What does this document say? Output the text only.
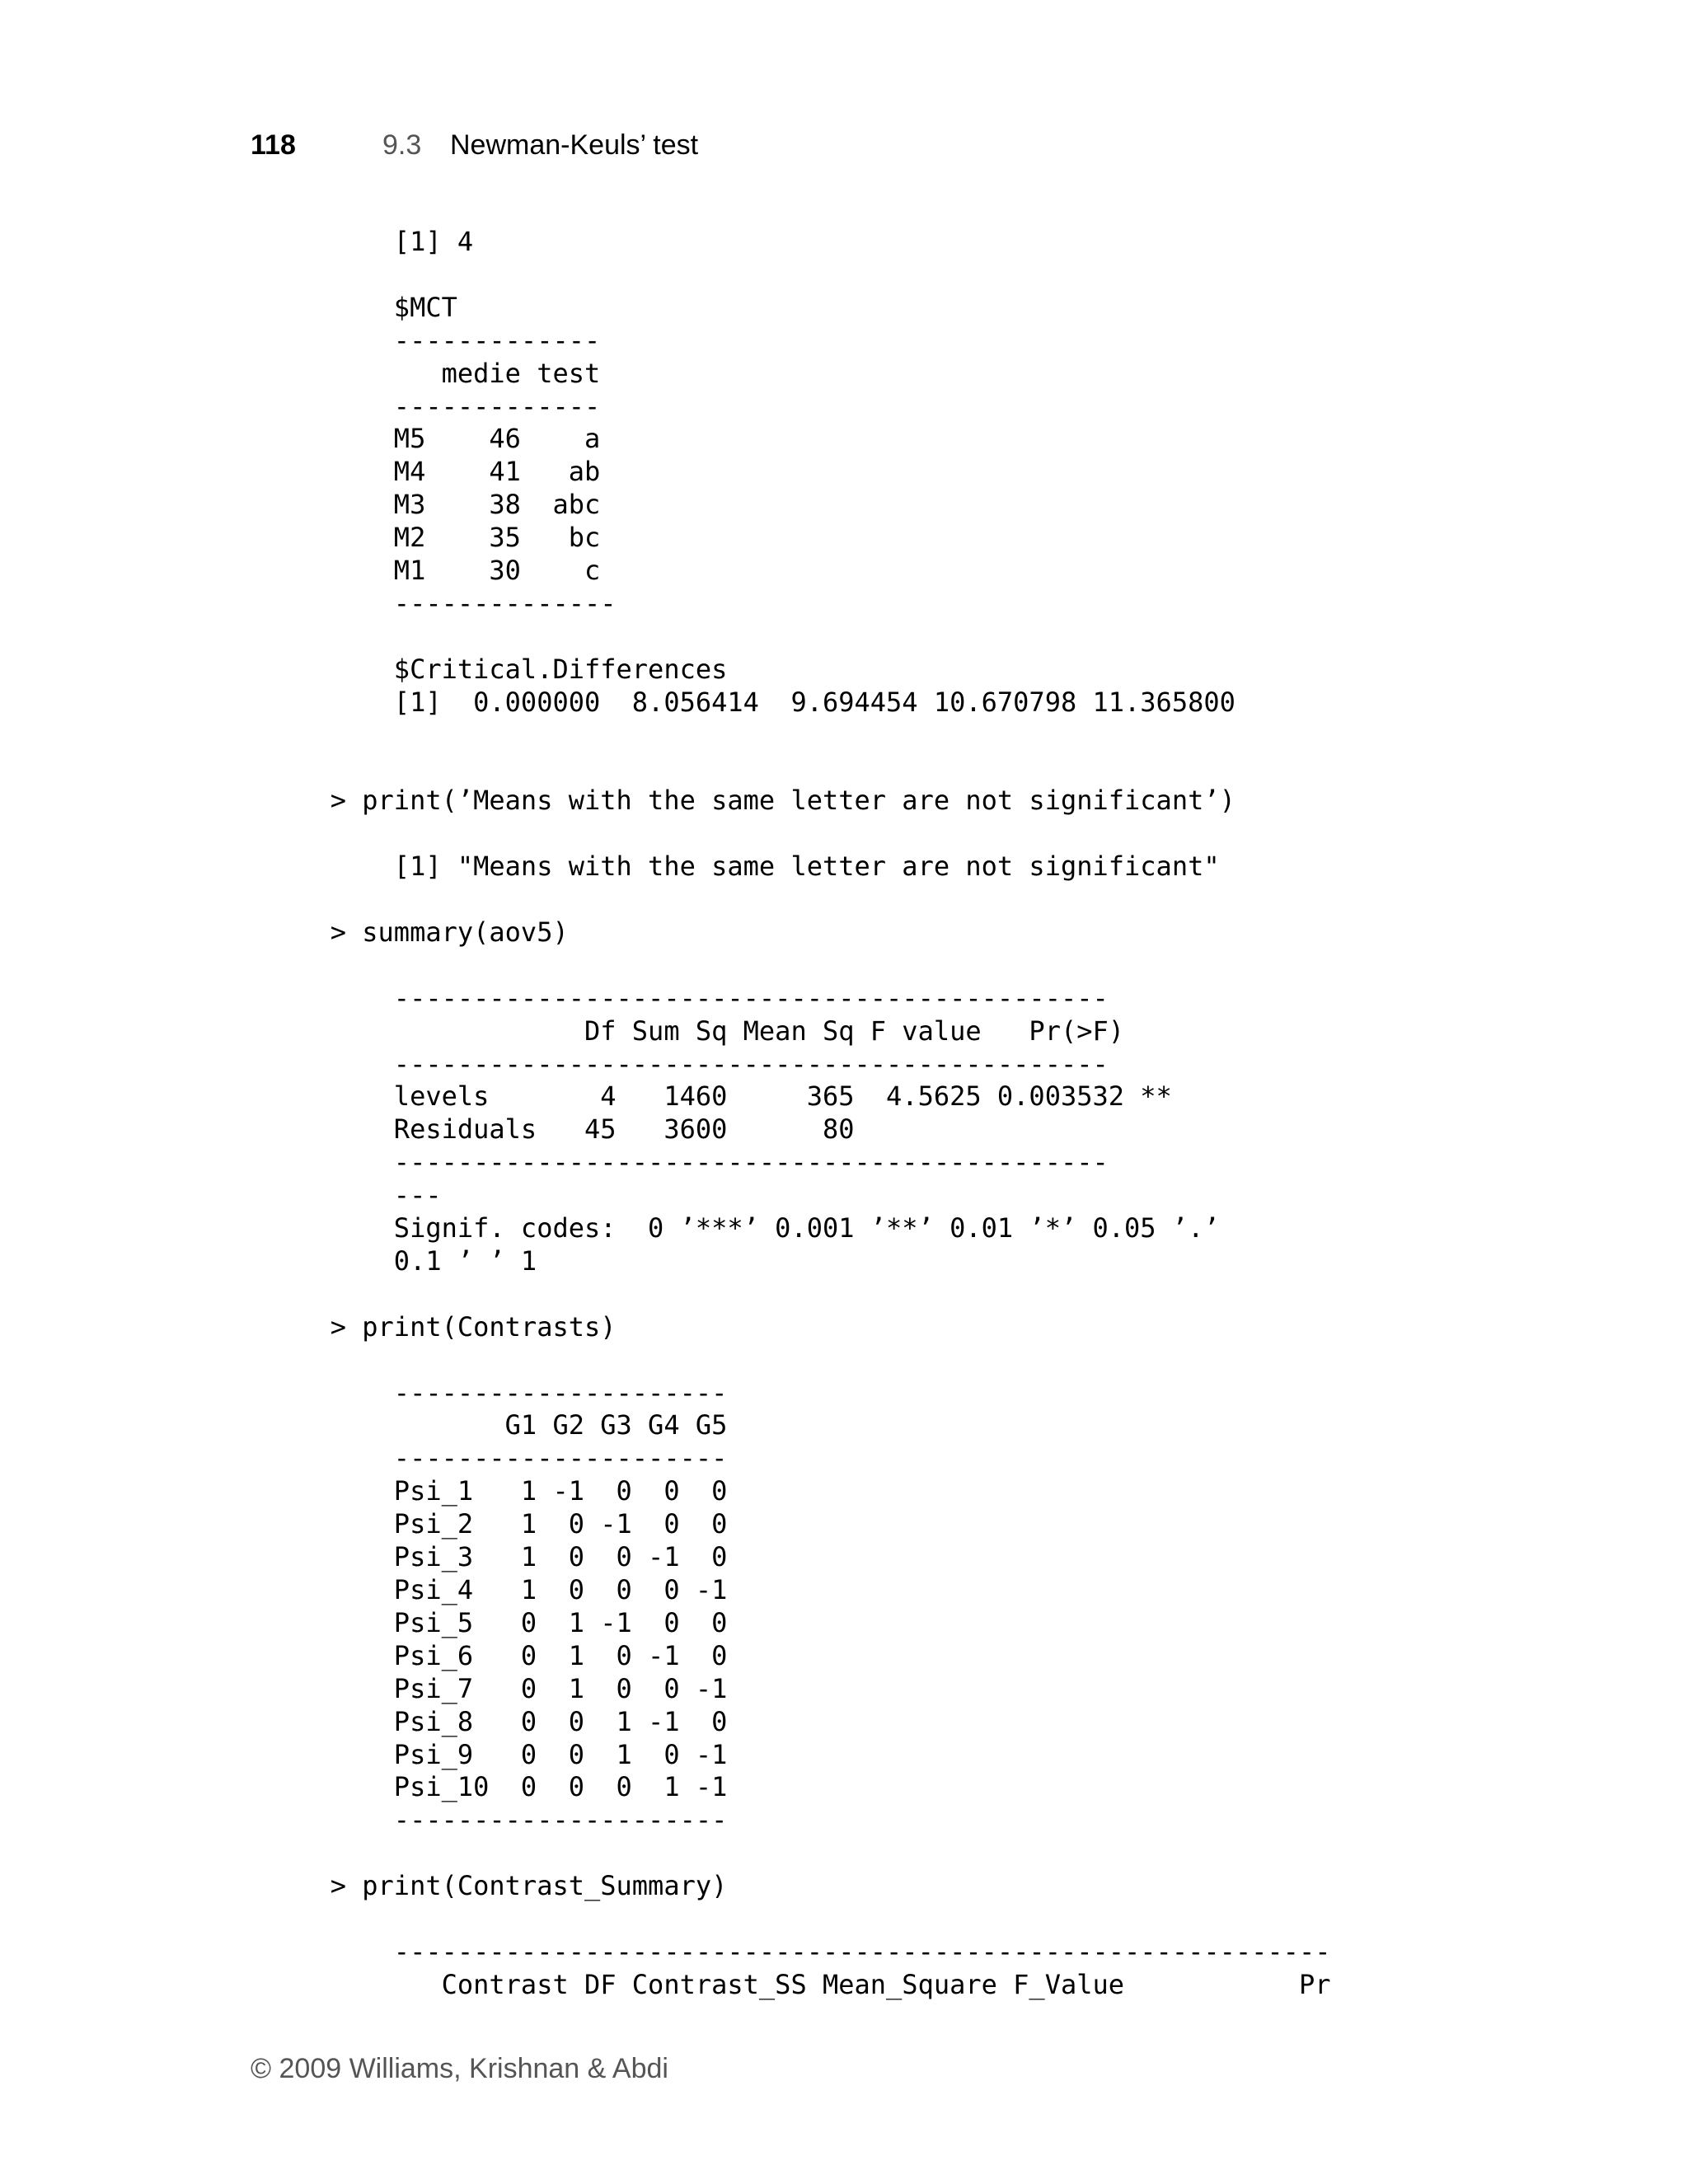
118	9.3 Newman-Keuls’ test
[1] 4
$MCT
-------------
medie test
-------------
M5    46    a
M4    41   ab
M3    38  abc
M2    35   bc
M1    30    c
--------------
$Critical.Differences
[1]  0.000000  8.056414  9.694454 10.670798 11.365800
> print(’Means with the same letter are not significant’)
[1] "Means with the same letter are not significant"
> summary(aov5)
---------------------------------------------
Df Sum Sq Mean Sq F value   Pr(>F)
---------------------------------------------
levels       4   1460     365  4.5625 0.003532 **
Residuals   45   3600      80
---------------------------------------------
---
Signif. codes:  0 ’***’ 0.001 ’**’ 0.01 ’*’ 0.05 ’.’
0.1 ’ ’ 1
> print(Contrasts)
---------------------
G1 G2 G3 G4 G5
---------------------
Psi_1   1 -1  0  0  0
Psi_2   1  0 -1  0  0
Psi_3   1  0  0 -1  0
Psi_4   1  0  0  0 -1
Psi_5   0  1 -1  0  0
Psi_6   0  1  0 -1  0
Psi_7   0  1  0  0 -1
Psi_8   0  0  1 -1  0
Psi_9   0  0  1  0 -1
Psi_10  0  0  0  1 -1
---------------------
> print(Contrast_Summary)
-----------------------------------------------------------
Contrast DF Contrast_SS Mean_Square F_Value           Pr
© 2009 Williams, Krishnan & Abdi
